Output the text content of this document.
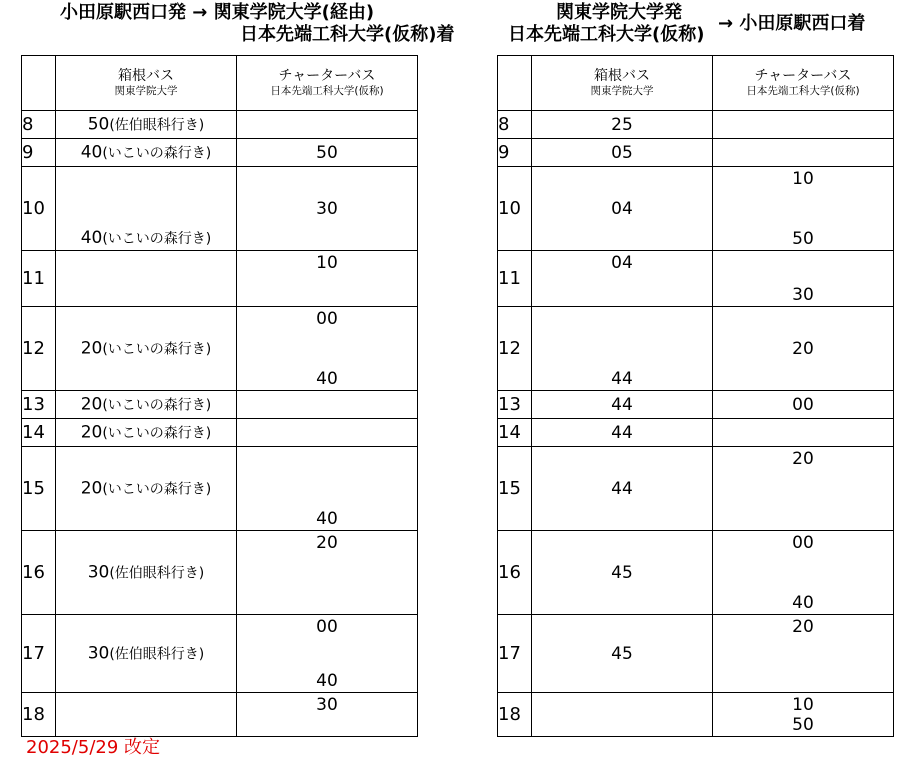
小田原駅西口発 → 関東学院大学(経由)
日本先端工科大学(仮称)着
関東学院大学発
日本先端工科大学(仮称)
→ 小田原駅西口着

	箱根バス
関東学院大学	チャーターバス
日本先端工科大学(仮称)

8	50(佐伯眼科行き)	

9	40(いこいの森行き)	50

10	40(いこいの森行き)	30

11		10

12	20(いこいの森行き)	00
40

13	20(いこいの森行き)	

14	20(いこいの森行き)	

15	20(いこいの森行き)	40

16	30(佐伯眼科行き)	20

17	30(佐伯眼科行き)	00
40

18		30

	箱根バス
関東学院大学	チャーターバス
日本先端工科大学(仮称)

8	25	

9	05	

10	04	10
50

11	04	30

12	44	20

13	44	00

14	44	

15	44	20

16	45	00
40

17	45	20

18		10
50
2025/5/29 改定
